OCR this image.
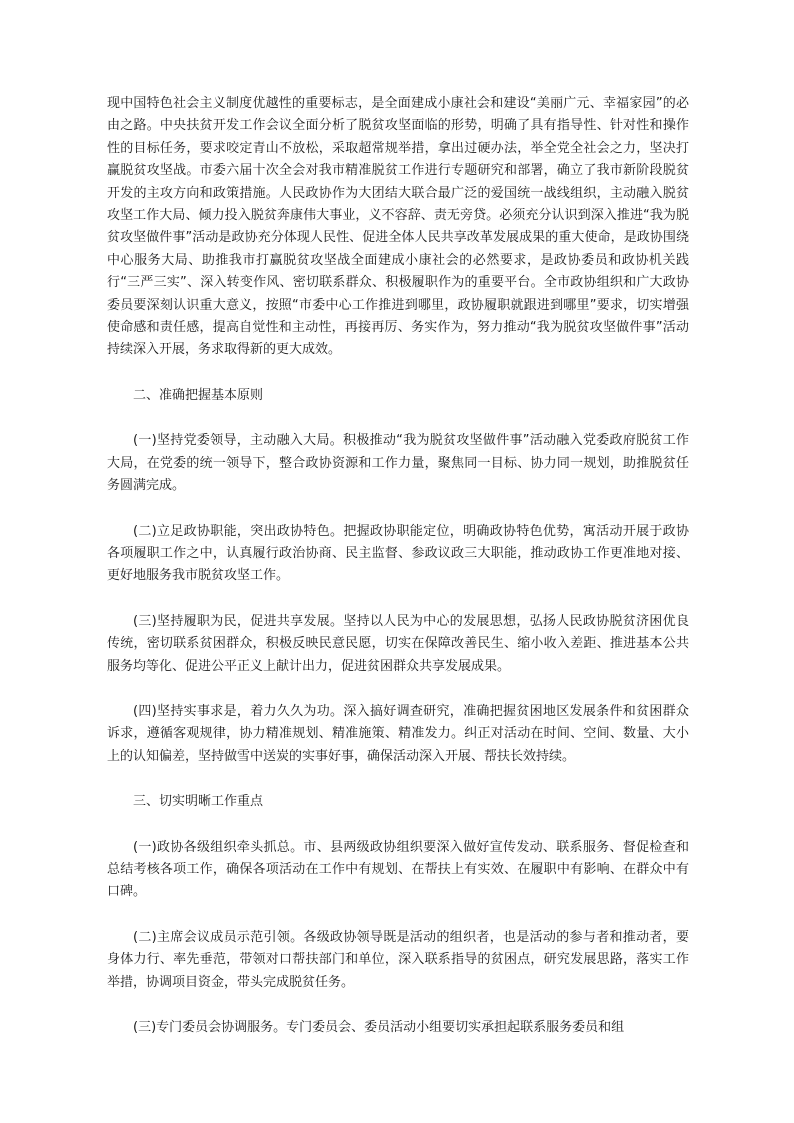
现中国特色社会主义制度优越性的重要标志，是全面建成小康社会和建设“美丽广元、幸福家园”的必由之路。中央扶贫开发工作会议全面分析了脱贫攻坚面临的形势，明确了具有指导性、针对性和操作性的目标任务，要求咬定青山不放松，采取超常规举措，拿出过硬办法，举全党全社会之力，坚决打赢脱贫攻坚战。市委六届十次全会对我市精准脱贫工作进行专题研究和部署，确立了我市新阶段脱贫开发的主攻方向和政策措施。人民政协作为大团结大联合最广泛的爱国统一战线组织，主动融入脱贫攻坚工作大局、倾力投入脱贫奔康伟大事业，义不容辞、责无旁贷。必须充分认识到深入推进“我为脱贫攻坚做件事”活动是政协充分体现人民性、促进全体人民共享改革发展成果的重大使命，是政协围绕中心服务大局、助推我市打赢脱贫攻坚战全面建成小康社会的必然要求，是政协委员和政协机关践行“三严三实”、深入转变作风、密切联系群众、积极履职作为的重要平台。全市政协组织和广大政协委员要深刻认识重大意义，按照“市委中心工作推进到哪里，政协履职就跟进到哪里”要求，切实增强使命感和责任感，提高自觉性和主动性，再接再厉、务实作为，努力推动“我为脱贫攻坚做件事”活动持续深入开展，务求取得新的更大成效。

二、准确把握基本原则

(一)坚持党委领导，主动融入大局。积极推动“我为脱贫攻坚做件事”活动融入党委政府脱贫工作大局，在党委的统一领导下，整合政协资源和工作力量，聚焦同一目标、协力同一规划，助推脱贫任务圆满完成。

(二)立足政协职能，突出政协特色。把握政协职能定位，明确政协特色优势，寓活动开展于政协各项履职工作之中，认真履行政治协商、民主监督、参政议政三大职能，推动政协工作更准地对接、更好地服务我市脱贫攻坚工作。

(三)坚持履职为民，促进共享发展。坚持以人民为中心的发展思想，弘扬人民政协脱贫济困优良传统，密切联系贫困群众，积极反映民意民愿，切实在保障改善民生、缩小收入差距、推进基本公共服务均等化、促进公平正义上献计出力，促进贫困群众共享发展成果。

(四)坚持实事求是，着力久久为功。深入搞好调查研究，准确把握贫困地区发展条件和贫困群众诉求，遵循客观规律，协力精准规划、精准施策、精准发力。纠正对活动在时间、空间、数量、大小上的认知偏差，坚持做雪中送炭的实事好事，确保活动深入开展、帮扶长效持续。

三、切实明晰工作重点

(一)政协各级组织牵头抓总。市、县两级政协组织要深入做好宣传发动、联系服务、督促检查和总结考核各项工作，确保各项活动在工作中有规划、在帮扶上有实效、在履职中有影响、在群众中有口碑。

(二)主席会议成员示范引领。各级政协领导既是活动的组织者，也是活动的参与者和推动者，要身体力行、率先垂范，带领对口帮扶部门和单位，深入联系指导的贫困点，研究发展思路，落实工作举措，协调项目资金，带头完成脱贫任务。

(三)专门委员会协调服务。专门委员会、委员活动小组要切实承担起联系服务委员和组
